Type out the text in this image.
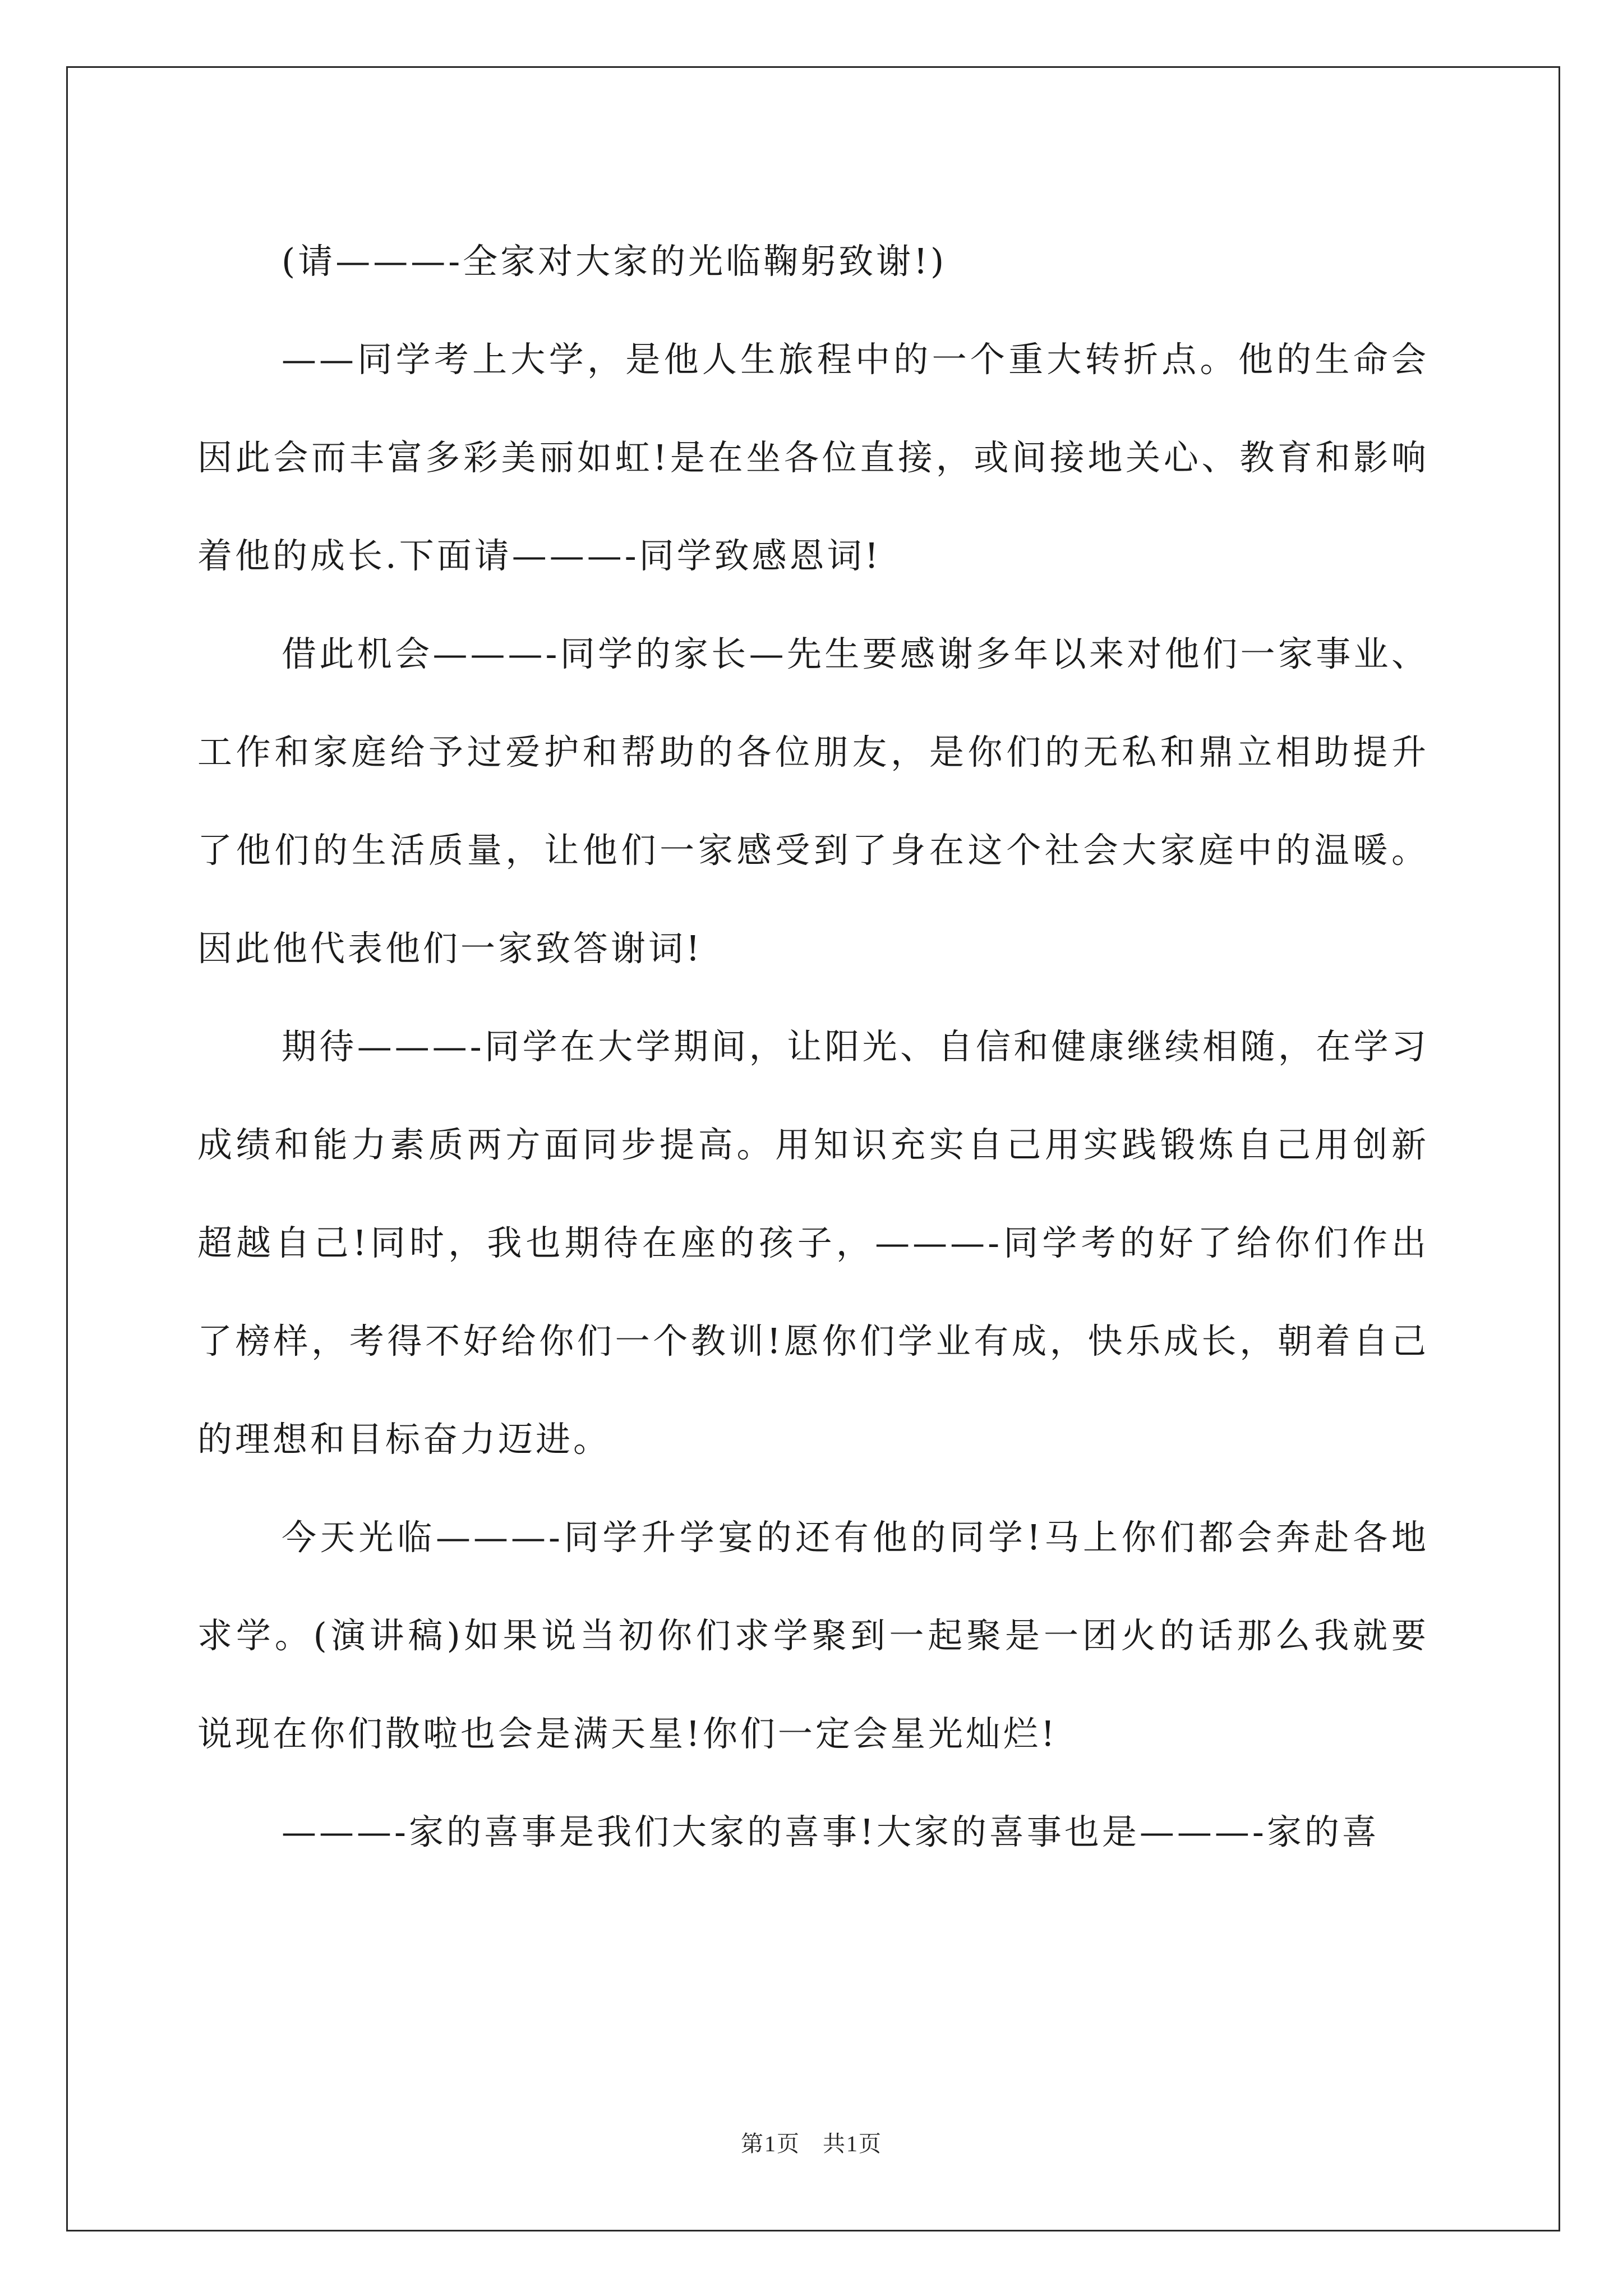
(请———-全家对大家的光临鞠躬致谢!)

——同学考上大学，是他人生旅程中的一个重大转折点。他的生命会因此会而丰富多彩美丽如虹!是在坐各位直接，或间接地关心、教育和影响着他的成长.下面请———-同学致感恩词!

借此机会———-同学的家长—先生要感谢多年以来对他们一家事业、工作和家庭给予过爱护和帮助的各位朋友，是你们的无私和鼎立相助提升了他们的生活质量，让他们一家感受到了身在这个社会大家庭中的温暖。因此他代表他们一家致答谢词!

期待———-同学在大学期间，让阳光、自信和健康继续相随，在学习成绩和能力素质两方面同步提高。用知识充实自己用实践锻炼自己用创新超越自己!同时，我也期待在座的孩子，———-同学考的好了给你们作出了榜样，考得不好给你们一个教训!愿你们学业有成，快乐成长，朝着自己的理想和目标奋力迈进。

今天光临———-同学升学宴的还有他的同学!马上你们都会奔赴各地求学。(演讲稿)如果说当初你们求学聚到一起聚是一团火的话那么我就要说现在你们散啦也会是满天星!你们一定会星光灿烂!

———-家的喜事是我们大家的喜事!大家的喜事也是———-家的喜

第1页 共1页
